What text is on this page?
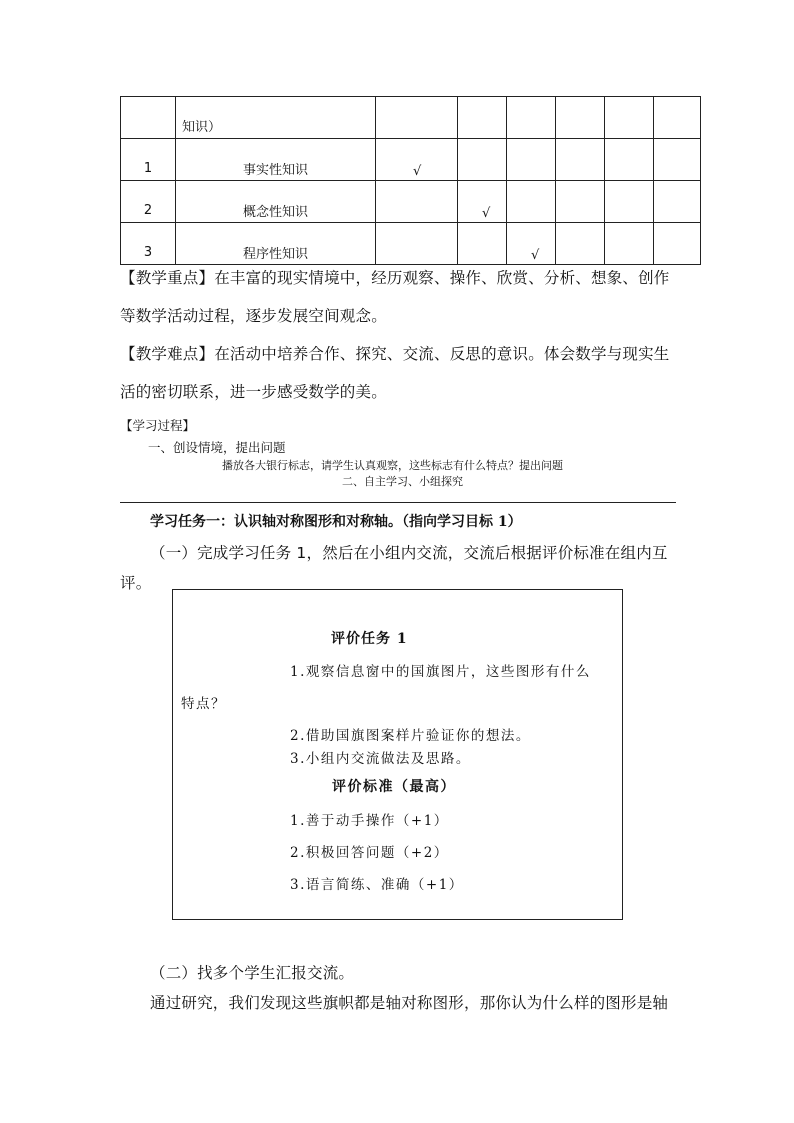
	知识）						
1	事实性知识	√					
2	概念性知识		√				
3	程序性知识			√			
【教学重点】在丰富的现实情境中，经历观察、操作、欣赏、分析、想象、创作
等数学活动过程，逐步发展空间观念。
【教学难点】在活动中培养合作、探究、交流、反思的意识。体会数学与现实生
活的密切联系，进一步感受数学的美。
【学习过程】
一、创设情境，提出问题
播放各大银行标志，请学生认真观察，这些标志有什么特点？提出问题
二、自主学习、小组探究
学习任务一：认识轴对称图形和对称轴。（指向学习目标 1）
（一）完成学习任务 1，然后在小组内交流，交流后根据评价标准在组内互
评。
评价任务 1
1.观察信息窗中的国旗图片，这些图形有什么
特点？
2.借助国旗图案样片验证你的想法。
3.小组内交流做法及思路。
评价标准（最高）
1.善于动手操作（+1）
2.积极回答问题（+2）
3.语言简练、准确（+1）
（二）找多个学生汇报交流。
通过研究，我们发现这些旗帜都是轴对称图形，那你认为什么样的图形是轴
